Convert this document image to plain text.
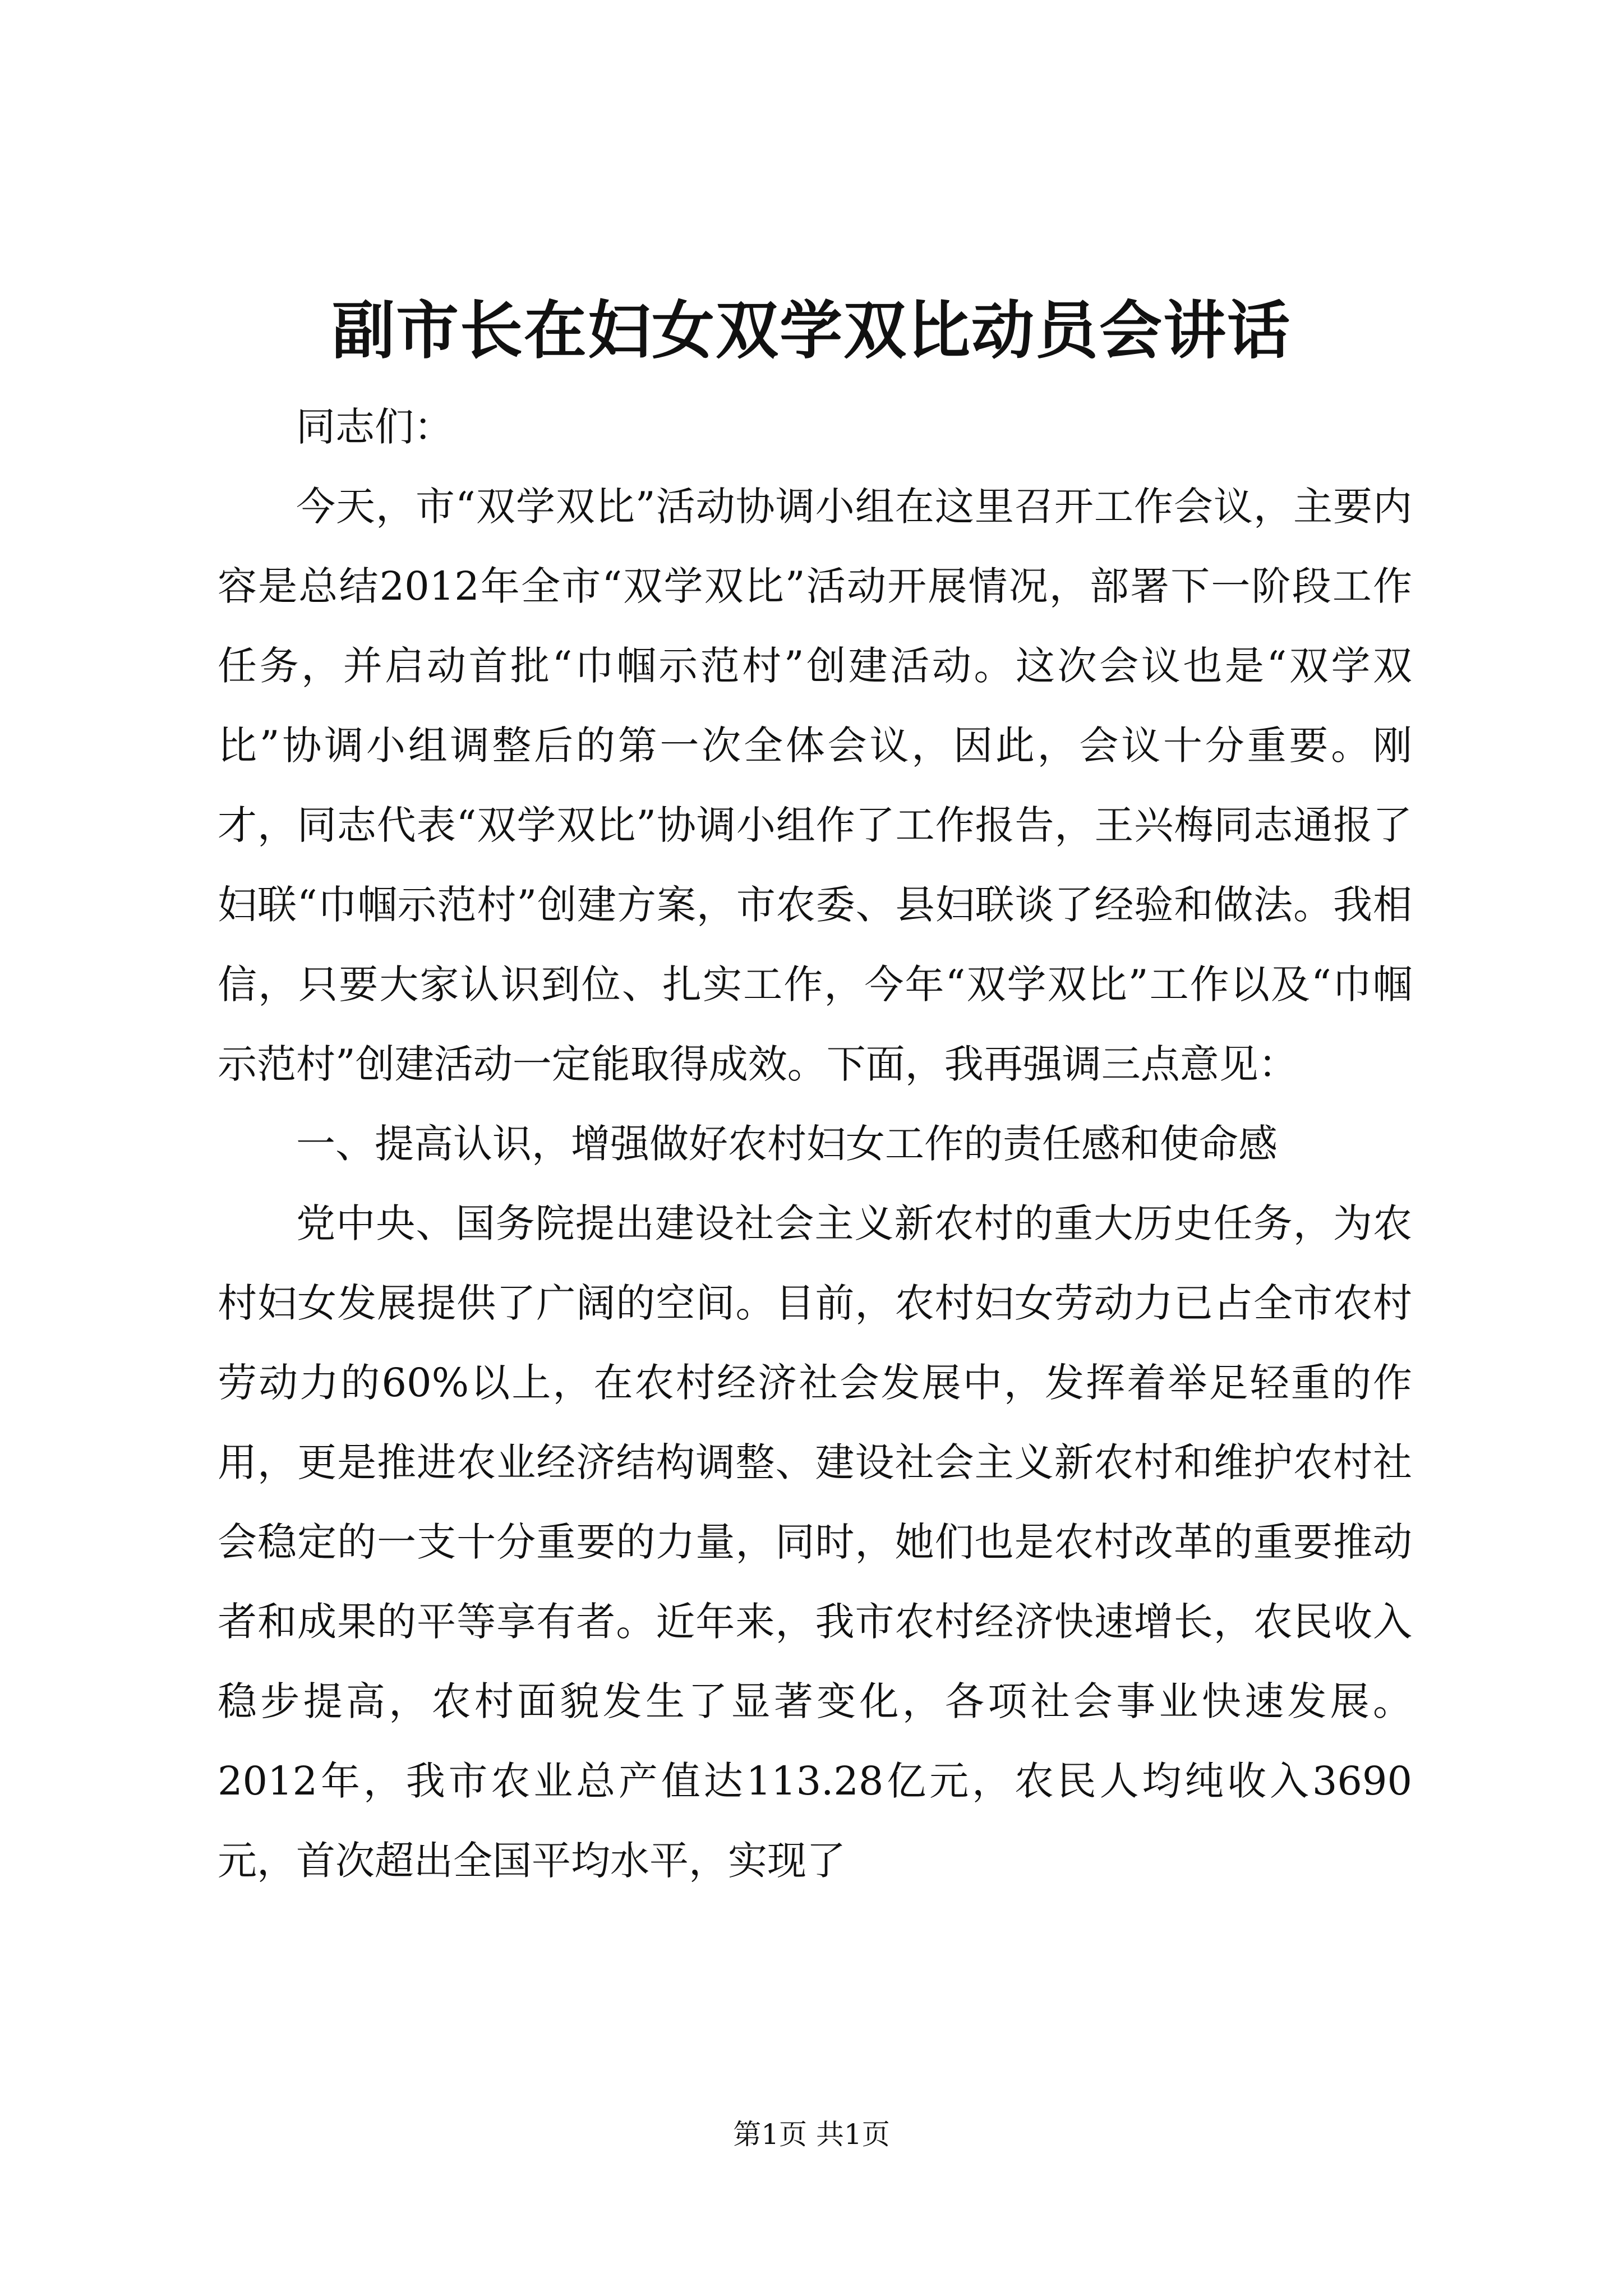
副市长在妇女双学双比动员会讲话

同志们：

今天，市“双学双比”活动协调小组在这里召开工作会议，主要内容是总结2012年全市“双学双比”活动开展情况，部署下一阶段工作任务，并启动首批“巾帼示范村”创建活动。这次会议也是“双学双比”协调小组调整后的第一次全体会议，因此，会议十分重要。刚才，同志代表“双学双比”协调小组作了工作报告，王兴梅同志通报了妇联“巾帼示范村”创建方案，市农委、县妇联谈了经验和做法。我相信，只要大家认识到位、扎实工作，今年“双学双比”工作以及“巾帼示范村”创建活动一定能取得成效。下面，我再强调三点意见：

一、提高认识，增强做好农村妇女工作的责任感和使命感

党中央、国务院提出建设社会主义新农村的重大历史任务，为农村妇女发展提供了广阔的空间。目前，农村妇女劳动力已占全市农村劳动力的60%以上，在农村经济社会发展中，发挥着举足轻重的作用，更是推进农业经济结构调整、建设社会主义新农村和维护农村社会稳定的一支十分重要的力量，同时，她们也是农村改革的重要推动者和成果的平等享有者。近年来，我市农村经济快速增长，农民收入稳步提高，农村面貌发生了显著变化，各项社会事业快速发展。2012年，我市农业总产值达113.28亿元，农民人均纯收入3690元，首次超出全国平均水平，实现了

第1页 共1页
